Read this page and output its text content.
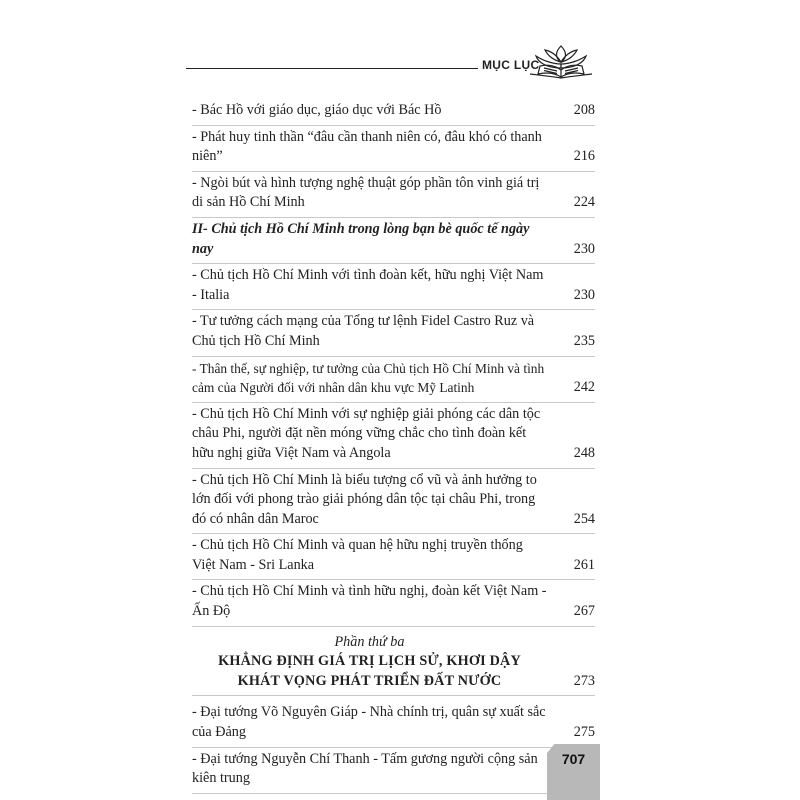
MỤC LỤC
- Bác Hồ với giáo dục, giáo dục với Bác Hồ	208
- Phát huy tinh thần “đâu cần thanh niên có, đâu khó có thanh niên”	216
- Ngòi bút và hình tượng nghệ thuật góp phần tôn vinh giá trị di sản Hồ Chí Minh	224
II- Chủ tịch Hồ Chí Minh trong lòng bạn bè quốc tế ngày nay	230
- Chủ tịch Hồ Chí Minh với tình đoàn kết, hữu nghị Việt Nam - Italia	230
- Tư tưởng cách mạng của Tổng tư lệnh Fidel Castro Ruz và Chủ tịch Hồ Chí Minh	235
- Thân thế, sự nghiệp, tư tưởng của Chủ tịch Hồ Chí Minh và tình cảm của Người đối với nhân dân khu vực Mỹ Latinh	242
- Chủ tịch Hồ Chí Minh với sự nghiệp giải phóng các dân tộc châu Phi, người đặt nền móng vững chắc cho tình đoàn kết hữu nghị giữa Việt Nam và Angola	248
- Chủ tịch Hồ Chí Minh là biểu tượng cổ vũ và ảnh hưởng to lớn đối với phong trào giải phóng dân tộc tại châu Phi, trong đó có nhân dân Maroc	254
- Chủ tịch Hồ Chí Minh và quan hệ hữu nghị truyền thống Việt Nam - Sri Lanka	261
- Chủ tịch Hồ Chí Minh và tình hữu nghị, đoàn kết Việt Nam - Ấn Độ	267
Phần thứ ba
KHẲNG ĐỊNH GIÁ TRỊ LỊCH SỬ, KHƠI DẬY
KHÁT VỌNG PHÁT TRIỂN ĐẤT NƯỚC	273
- Đại tướng Võ Nguyên Giáp - Nhà chính trị, quân sự xuất sắc của Đảng	275
- Đại tướng Nguyễn Chí Thanh - Tấm gương người cộng sản kiên trung
707
